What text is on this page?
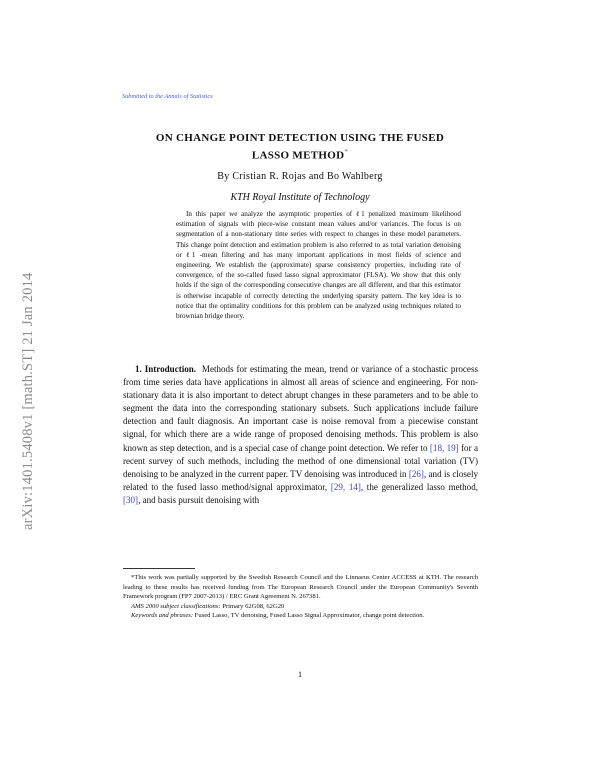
arXiv:1401.5408v1 [math.ST] 21 Jan 2014
Submitted to the Annals of Statistics
ON CHANGE POINT DETECTION USING THE FUSED
LASSO METHOD*
By Cristian R. Rojas and Bo Wahlberg
KTH Royal Institute of Technology

In this paper we analyze the asymptotic properties of ℓ1 penalized maximum likelihood estimation of signals with piece-wise constant mean values and/or variances. The focus is on segmentation of a non-stationary time series with respect to changes in these model parameters. This change point detection and estimation problem is also referred to as total variation denoising or ℓ1 -mean filtering and has many important applications in most fields of science and engineering. We establish the (approximate) sparse consistency properties, including rate of convergence, of the so-called fused lasso signal approximator (FLSA). We show that this only holds if the sign of the corresponding consecutive changes are all different, and that this estimator is otherwise incapable of correctly detecting the underlying sparsity pattern. The key idea is to notice that the optimality conditions for this problem can be analyzed using techniques related to brownian bridge theory.

1. Introduction. Methods for estimating the mean, trend or variance of a stochastic process from time series data have applications in almost all areas of science and engineering. For non-stationary data it is also important to detect abrupt changes in these parameters and to be able to segment the data into the corresponding stationary subsets. Such applications include failure detection and fault diagnosis. An important case is noise removal from a piecewise constant signal, for which there are a wide range of proposed denoising methods. This problem is also known as step detection, and is a special case of change point detection. We refer to [18, 19] for a recent survey of such methods, including the method of one dimensional total variation (TV) denoising to be analyzed in the current paper. TV denoising was introduced in [26], and is closely related to the fused lasso method/signal approximator, [29, 14], the generalized lasso method, [30], and basis pursuit denoising with

*This work was partially supported by the Swedish Research Council and the Linnaeus Center ACCESS at KTH. The research leading to these results has received funding from The European Research Council under the European Community's Seventh Framework program (FP7 2007-2013) / ERC Grant Agreement N. 267381.

AMS 2000 subject classifications: Primary 62G08, 62G20

Keywords and phrases: Fused Lasso, TV denoising, Fused Lasso Signal Approximator, change point detection.

1
